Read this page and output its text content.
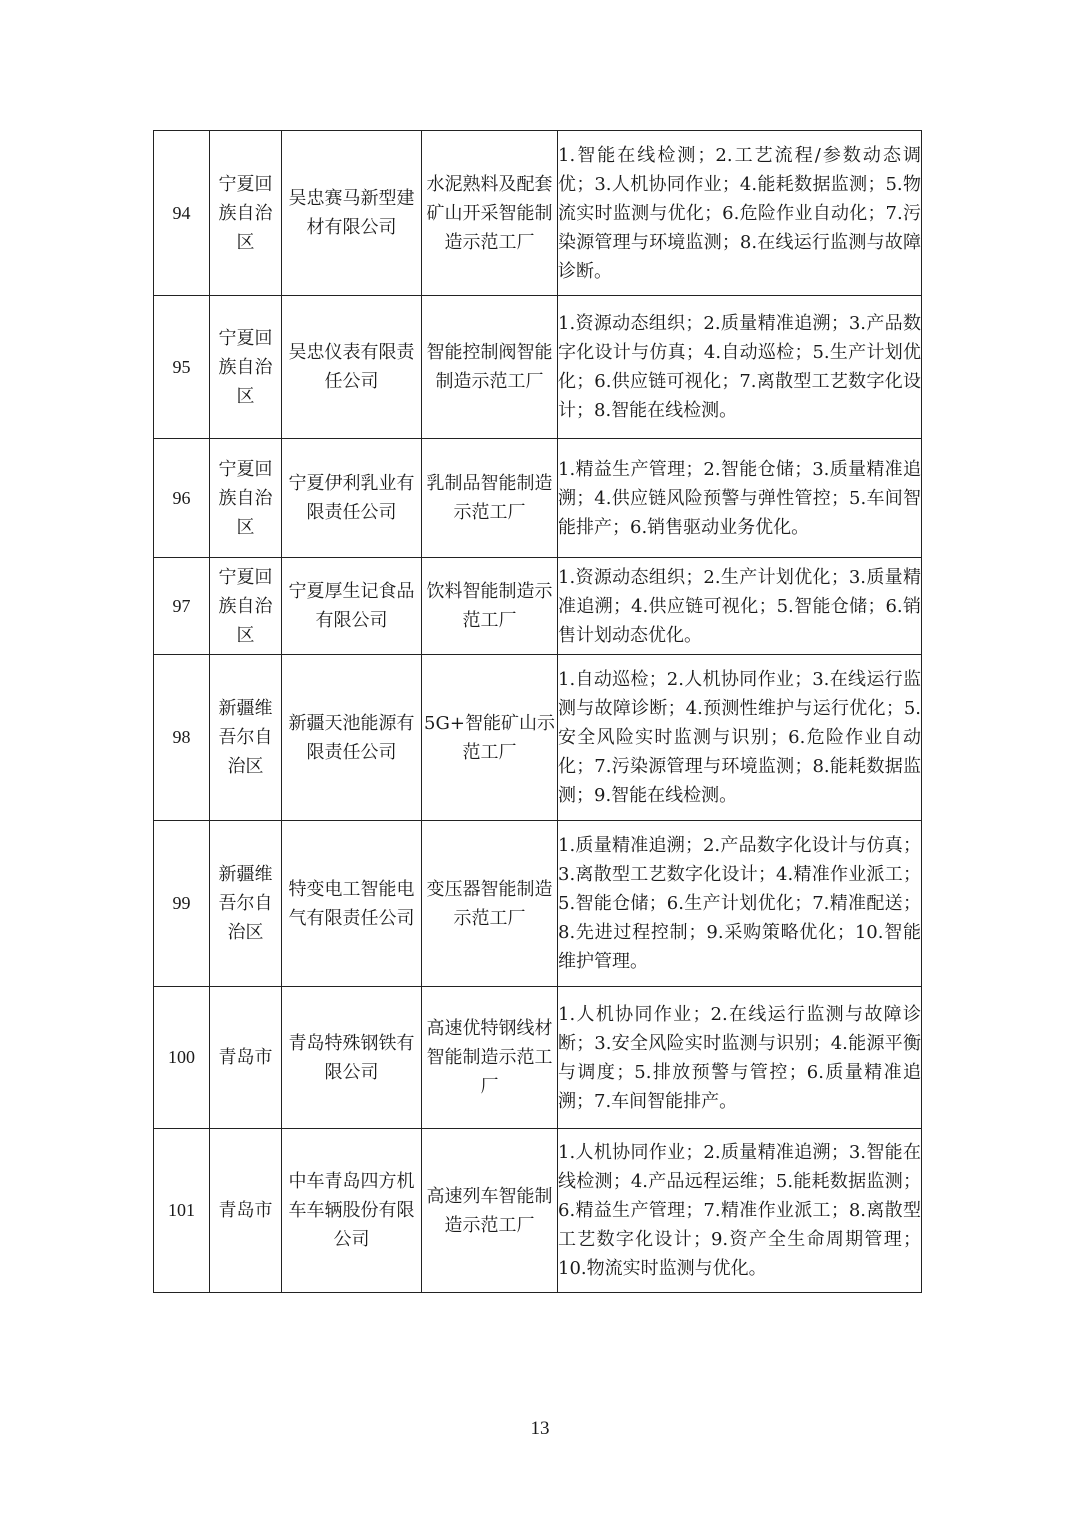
94	宁夏回族自治区	吴忠赛马新型建材有限公司	水泥熟料及配套矿山开采智能制造示范工厂	1.智能在线检测；2.工艺流程/参数动态调优；3.人机协同作业；4.能耗数据监测；5.物流实时监测与优化；6.危险作业自动化；7.污染源管理与环境监测；8.在线运行监测与故障诊断。
95	宁夏回族自治区	吴忠仪表有限责任公司	智能控制阀智能制造示范工厂	1.资源动态组织；2.质量精准追溯；3.产品数字化设计与仿真；4.自动巡检；5.生产计划优化；6.供应链可视化；7.离散型工艺数字化设计；8.智能在线检测。
96	宁夏回族自治区	宁夏伊利乳业有限责任公司	乳制品智能制造示范工厂	1.精益生产管理；2.智能仓储；3.质量精准追溯；4.供应链风险预警与弹性管控；5.车间智能排产；6.销售驱动业务优化。
97	宁夏回族自治区	宁夏厚生记食品有限公司	饮料智能制造示范工厂	1.资源动态组织；2.生产计划优化；3.质量精准追溯；4.供应链可视化；5.智能仓储；6.销售计划动态优化。
98	新疆维吾尔自治区	新疆天池能源有限责任公司	5G+智能矿山示范工厂	1.自动巡检；2.人机协同作业；3.在线运行监测与故障诊断；4.预测性维护与运行优化；5.安全风险实时监测与识别；6.危险作业自动化；7.污染源管理与环境监测；8.能耗数据监测；9.智能在线检测。
99	新疆维吾尔自治区	特变电工智能电气有限责任公司	变压器智能制造示范工厂	1.质量精准追溯；2.产品数字化设计与仿真；3.离散型工艺数字化设计；4.精准作业派工；5.智能仓储；6.生产计划优化；7.精准配送；8.先进过程控制；9.采购策略优化；10.智能维护管理。
100	青岛市	青岛特殊钢铁有限公司	高速优特钢线材智能制造示范工厂	1.人机协同作业；2.在线运行监测与故障诊断；3.安全风险实时监测与识别；4.能源平衡与调度；5.排放预警与管控；6.质量精准追溯；7.车间智能排产。
101	青岛市	中车青岛四方机车车辆股份有限公司	高速列车智能制造示范工厂	1.人机协同作业；2.质量精准追溯；3.智能在线检测；4.产品远程运维；5.能耗数据监测；6.精益生产管理；7.精准作业派工；8.离散型工艺数字化设计；9.资产全生命周期管理；10.物流实时监测与优化。
13
